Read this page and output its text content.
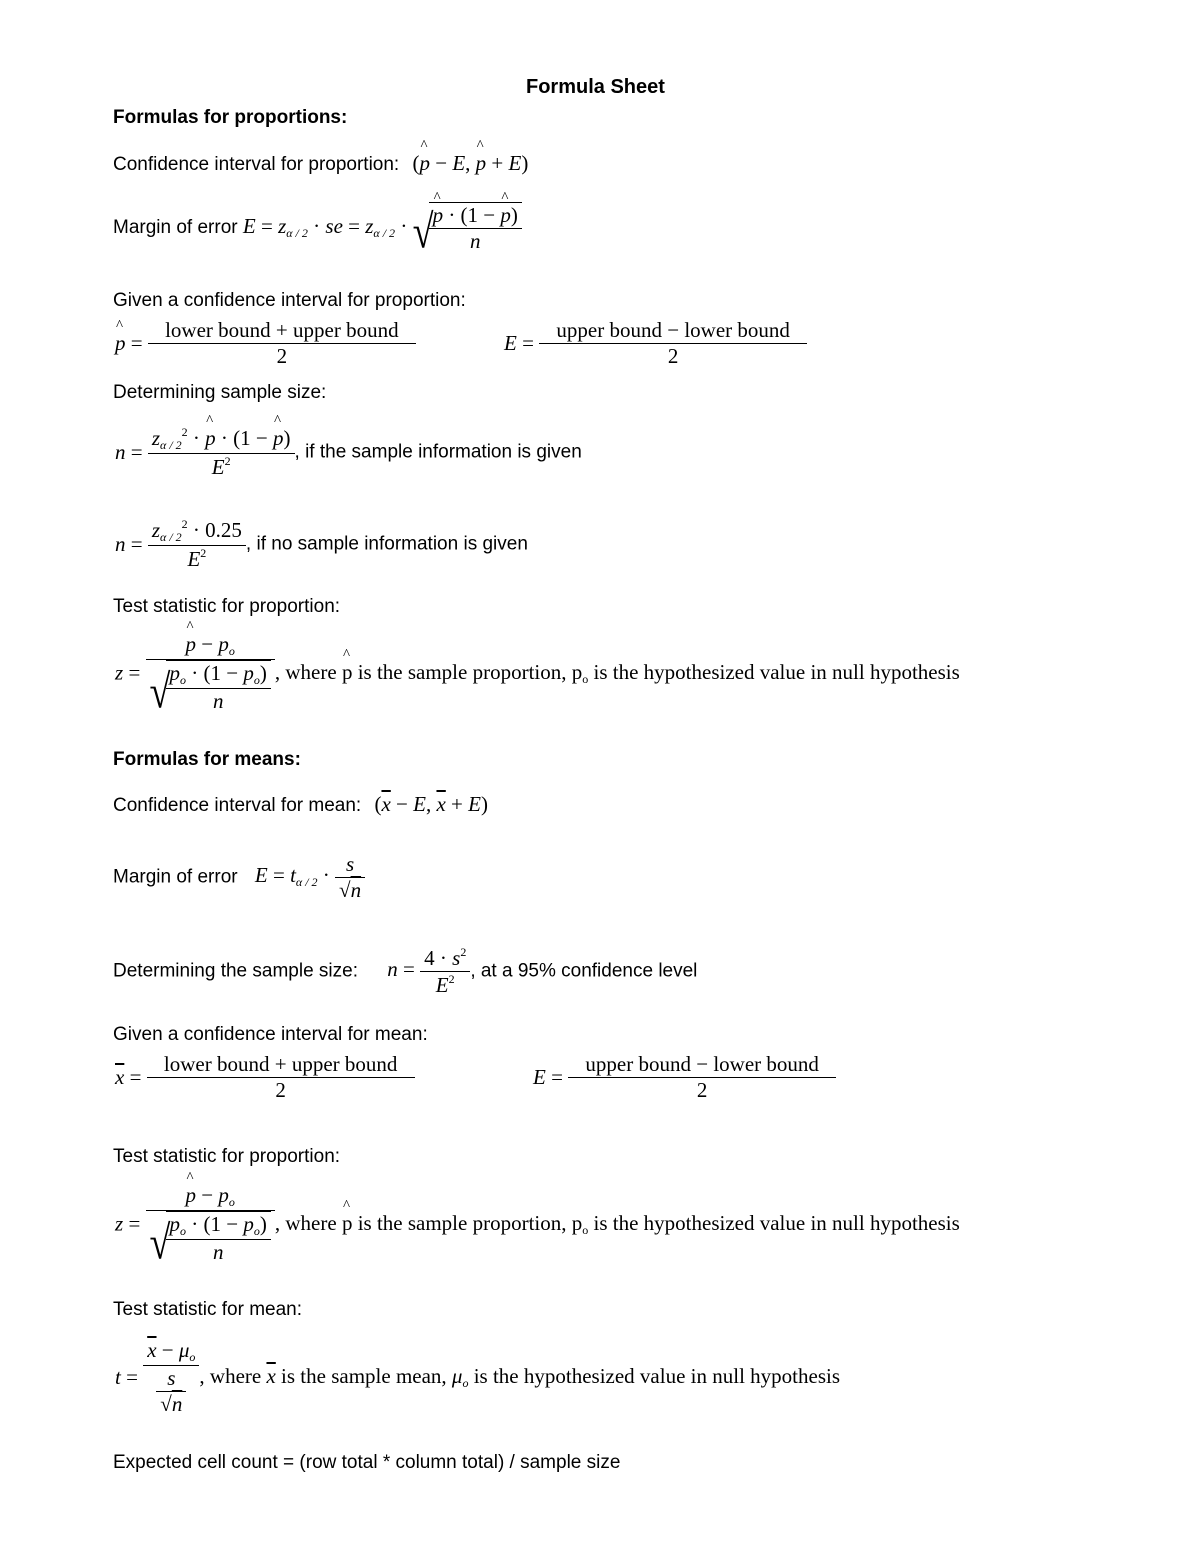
Formula Sheet
Formulas for proportions:
Confidence interval for proportion: (^ p − E, ^ p + E)
Margin of error $E = z_{\alpha / 2}$ · se = $z_{\alpha / 2}$ · √
^ $\frac{p \cdot (1 - \^{} p)}{n}$
Given a confidence interval for proportion:
^ $p = \frac{\text{lower bound + upper bound}}{2}$	$E = \frac{\text{upper bound − lower bound}}{2}$
Determining sample size:
$n = \frac{z_{\alpha / 2}^2 \cdot \^{} p \cdot (1 - \^{} p)}{E^2}$ , if the sample information is given
$n = \frac{z_{\alpha / 2}^2 \cdot 0.25}{E^2}$ , if no sample information is given
Test statistic for proportion:
z = ^ $p - p_o$
√
$\frac{p_o \cdot (1 - p_o)}{n}$ , where ^ p is the sample proportion, $p_o$ is the hypothesized value in null hypothesis
Formulas for means:
Confidence interval for mean: ($\overline{x} - E$, $\overline{x} + E$)
Margin of error $E = t_{\alpha / 2} \cdot \frac{s}{√n}$
Determining the sample size: $n = \frac{4 \cdot s^2}{E^2}$ , at a 95% confidence level
Given a confidence interval for mean:
$\overline{x} = \frac{\text{lower bound + upper bound}}{2}$	$E = \frac{\text{upper bound − lower bound}}{2}$
Test statistic for proportion:
z = ^ $p - p_o$
√
$\frac{p_o \cdot (1 - p_o)}{n}$ , where ^ p is the sample proportion, $p_o$ is the hypothesized value in null hypothesis
Test statistic for mean:
$t = \frac{\overline{x} - \mu_o}{\frac{s}{√n}}$ , where $\overline{x}$ is the sample mean, $\mu_o$ is the hypothesized value in null hypothesis
Expected cell count = (row total * column total) / sample size
